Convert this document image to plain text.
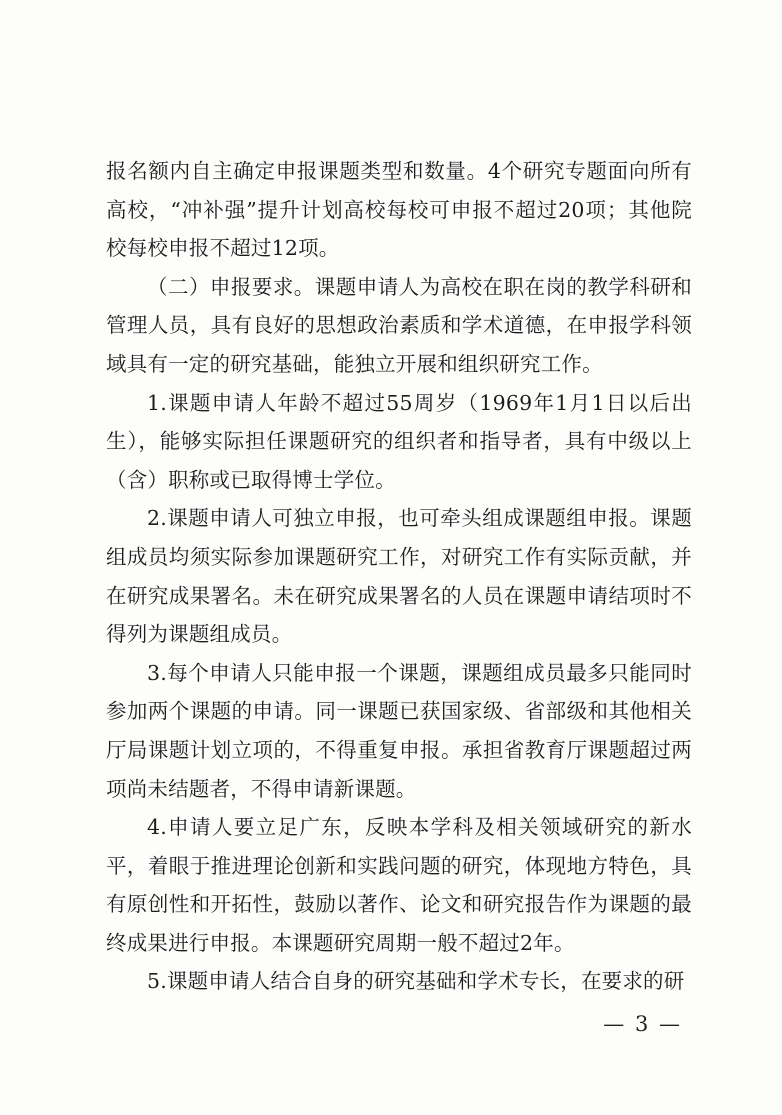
报名额内自主确定申报课题类型和数量。4个研究专题面向所有高校，“冲补强”提升计划高校每校可申报不超过20项；其他院校每校申报不超过12项。

（二）申报要求。课题申请人为高校在职在岗的教学科研和管理人员，具有良好的思想政治素质和学术道德，在申报学科领域具有一定的研究基础，能独立开展和组织研究工作。

1.课题申请人年龄不超过55周岁（1969年1月1日以后出生），能够实际担任课题研究的组织者和指导者，具有中级以上（含）职称或已取得博士学位。

2.课题申请人可独立申报，也可牵头组成课题组申报。课题组成员均须实际参加课题研究工作，对研究工作有实际贡献，并在研究成果署名。未在研究成果署名的人员在课题申请结项时不得列为课题组成员。

3.每个申请人只能申报一个课题，课题组成员最多只能同时参加两个课题的申请。同一课题已获国家级、省部级和其他相关厅局课题计划立项的，不得重复申报。承担省教育厅课题超过两项尚未结题者，不得申请新课题。

4.申请人要立足广东，反映本学科及相关领域研究的新水平，着眼于推进理论创新和实践问题的研究，体现地方特色，具有原创性和开拓性，鼓励以著作、论文和研究报告作为课题的最终成果进行申报。本课题研究周期一般不超过2年。

5.课题申请人结合自身的研究基础和学术专长，在要求的研

— 3 —
